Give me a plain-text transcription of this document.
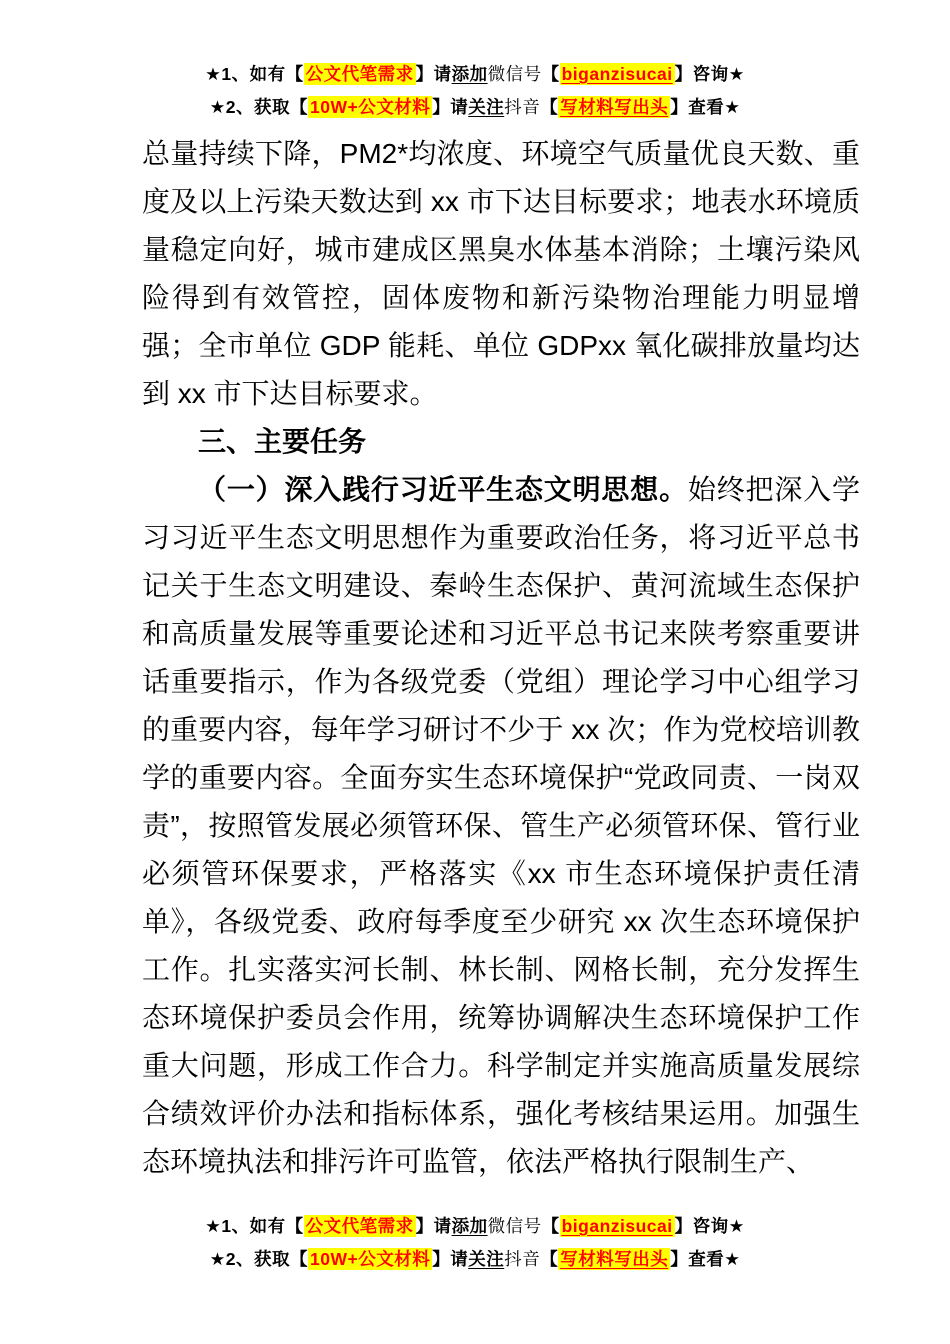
★1、如有【 公文代笔需求 】请添加微信号【 biganzisucai 】咨询★
★2、获取【 10W+公文材料 】请关注抖音【 写材料写出头 】查看★

总量持续下降，PM2*均浓度、环境空气质量优良天数、重度及以上污染天数达到 xx 市下达目标要求；地表水环境质量稳定向好，城市建成区黑臭水体基本消除；土壤污染风险得到有效管控，固体废物和新污染物治理能力明显增强；全市单位 GDP 能耗、单位 GDPxx 氧化碳排放量均达到 xx 市下达目标要求。

三、主要任务

（一）深入践行习近平生态文明思想。始终把深入学习习近平生态文明思想作为重要政治任务，将习近平总书记关于生态文明建设、秦岭生态保护、黄河流域生态保护和高质量发展等重要论述和习近平总书记来陕考察重要讲话重要指示，作为各级党委（党组）理论学习中心组学习的重要内容，每年学习研讨不少于 xx 次；作为党校培训教学的重要内容。全面夯实生态环境保护“党政同责、一岗双责”，按照管发展必须管环保、管生产必须管环保、管行业必须管环保要求，严格落实《xx 市生态环境保护责任清单》，各级党委、政府每季度至少研究 xx 次生态环境保护工作。扎实落实河长制、林长制、网格长制，充分发挥生态环境保护委员会作用，统筹协调解决生态环境保护工作重大问题，形成工作合力。科学制定并实施高质量发展综合绩效评价办法和指标体系，强化考核结果运用。加强生态环境执法和排污许可监管，依法严格执行限制生产、

★1、如有【 公文代笔需求 】请添加微信号【 biganzisucai 】咨询★
★2、获取【 10W+公文材料 】请关注抖音【 写材料写出头 】查看★
